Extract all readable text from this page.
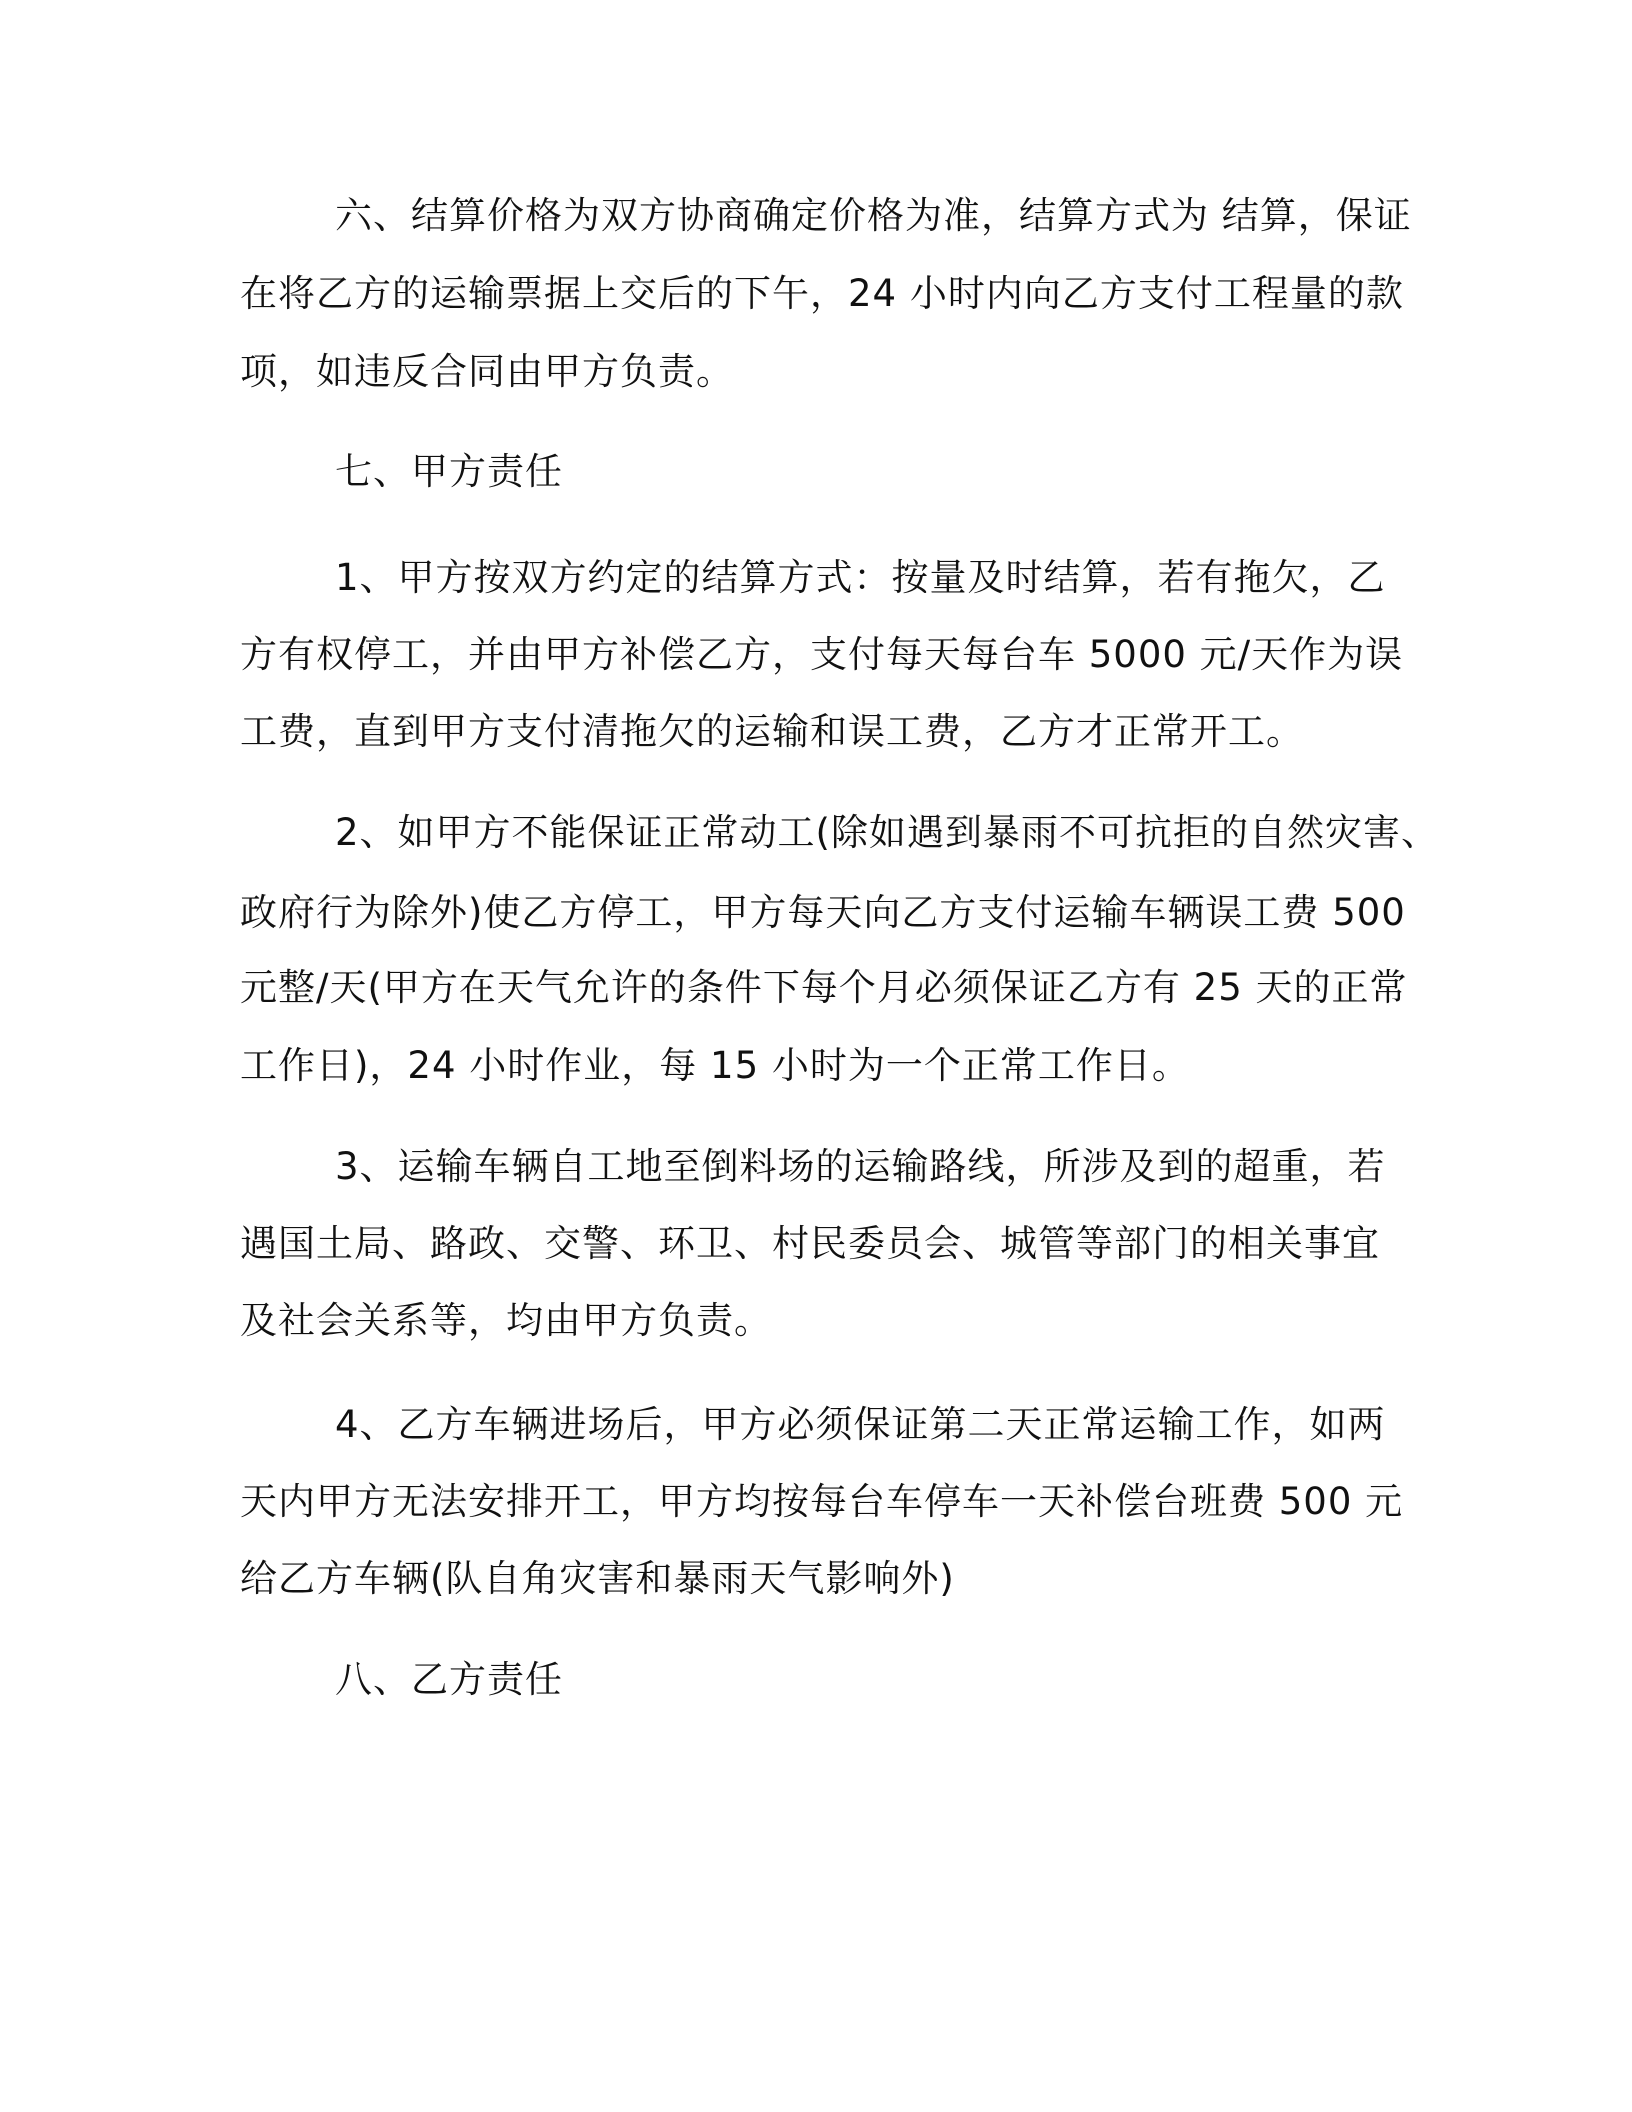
六、结算价格为双方协商确定价格为准，结算方式为 结算，保证
在将乙方的运输票据上交后的下午，24 小时内向乙方支付工程量的款
项，如违反合同由甲方负责。
七、甲方责任
1、甲方按双方约定的结算方式：按量及时结算，若有拖欠，乙
方有权停工，并由甲方补偿乙方，支付每天每台车 5000 元/天作为误
工费，直到甲方支付清拖欠的运输和误工费，乙方才正常开工。
2、如甲方不能保证正常动工(除如遇到暴雨不可抗拒的自然灾害、
政府行为除外)使乙方停工，甲方每天向乙方支付运输车辆误工费 500
元整/天(甲方在天气允许的条件下每个月必须保证乙方有 25 天的正常
工作日)，24 小时作业，每 15 小时为一个正常工作日。
3、运输车辆自工地至倒料场的运输路线，所涉及到的超重，若
遇国土局、路政、交警、环卫、村民委员会、城管等部门的相关事宜
及社会关系等，均由甲方负责。
4、乙方车辆进场后，甲方必须保证第二天正常运输工作，如两
天内甲方无法安排开工，甲方均按每台车停车一天补偿台班费 500 元
给乙方车辆(队自角灾害和暴雨天气影响外)
八、乙方责任
